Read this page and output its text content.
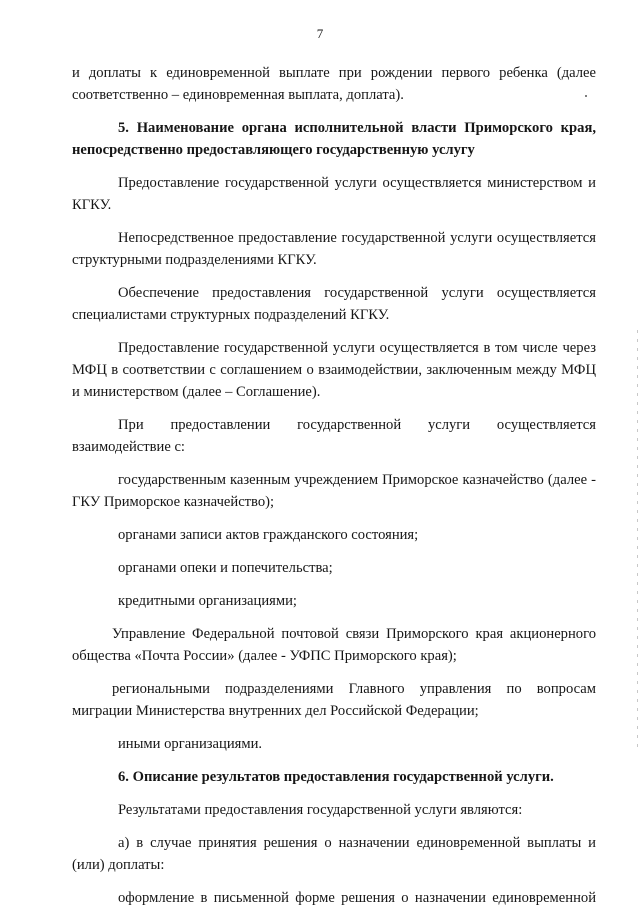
7

и доплаты к единовременной выплате при рождении первого ребенка (далее соответственно – единовременная выплата, доплата).

5. Наименование органа исполнительной власти Приморского края, непосредственно предоставляющего государственную услугу

Предоставление государственной услуги осуществляется министерством и КГКУ.

Непосредственное предоставление государственной услуги осуществляется структурными подразделениями КГКУ.

Обеспечение предоставления государственной услуги осуществляется специалистами структурных подразделений КГКУ.

Предоставление государственной услуги осуществляется в том числе через МФЦ в соответствии с соглашением о взаимодействии, заключенным между МФЦ и министерством (далее – Соглашение).

При предоставлении государственной услуги осуществляется взаимодействие с:

государственным казенным учреждением Приморское казначейство (далее - ГКУ Приморское казначейство);

органами записи актов гражданского состояния;

органами опеки и попечительства;

кредитными организациями;

Управление Федеральной почтовой связи Приморского края акционерного общества «Почта России» (далее - УФПС Приморского края);

региональными подразделениями Главного управления по вопросам миграции Министерства внутренних дел Российской Федерации;

иными организациями.

6. Описание результатов предоставления государственной услуги.

Результатами предоставления государственной услуги являются:

а) в случае принятия решения о назначении единовременной выплаты и (или) доплаты:

оформление в письменной форме решения о назначении единовременной
